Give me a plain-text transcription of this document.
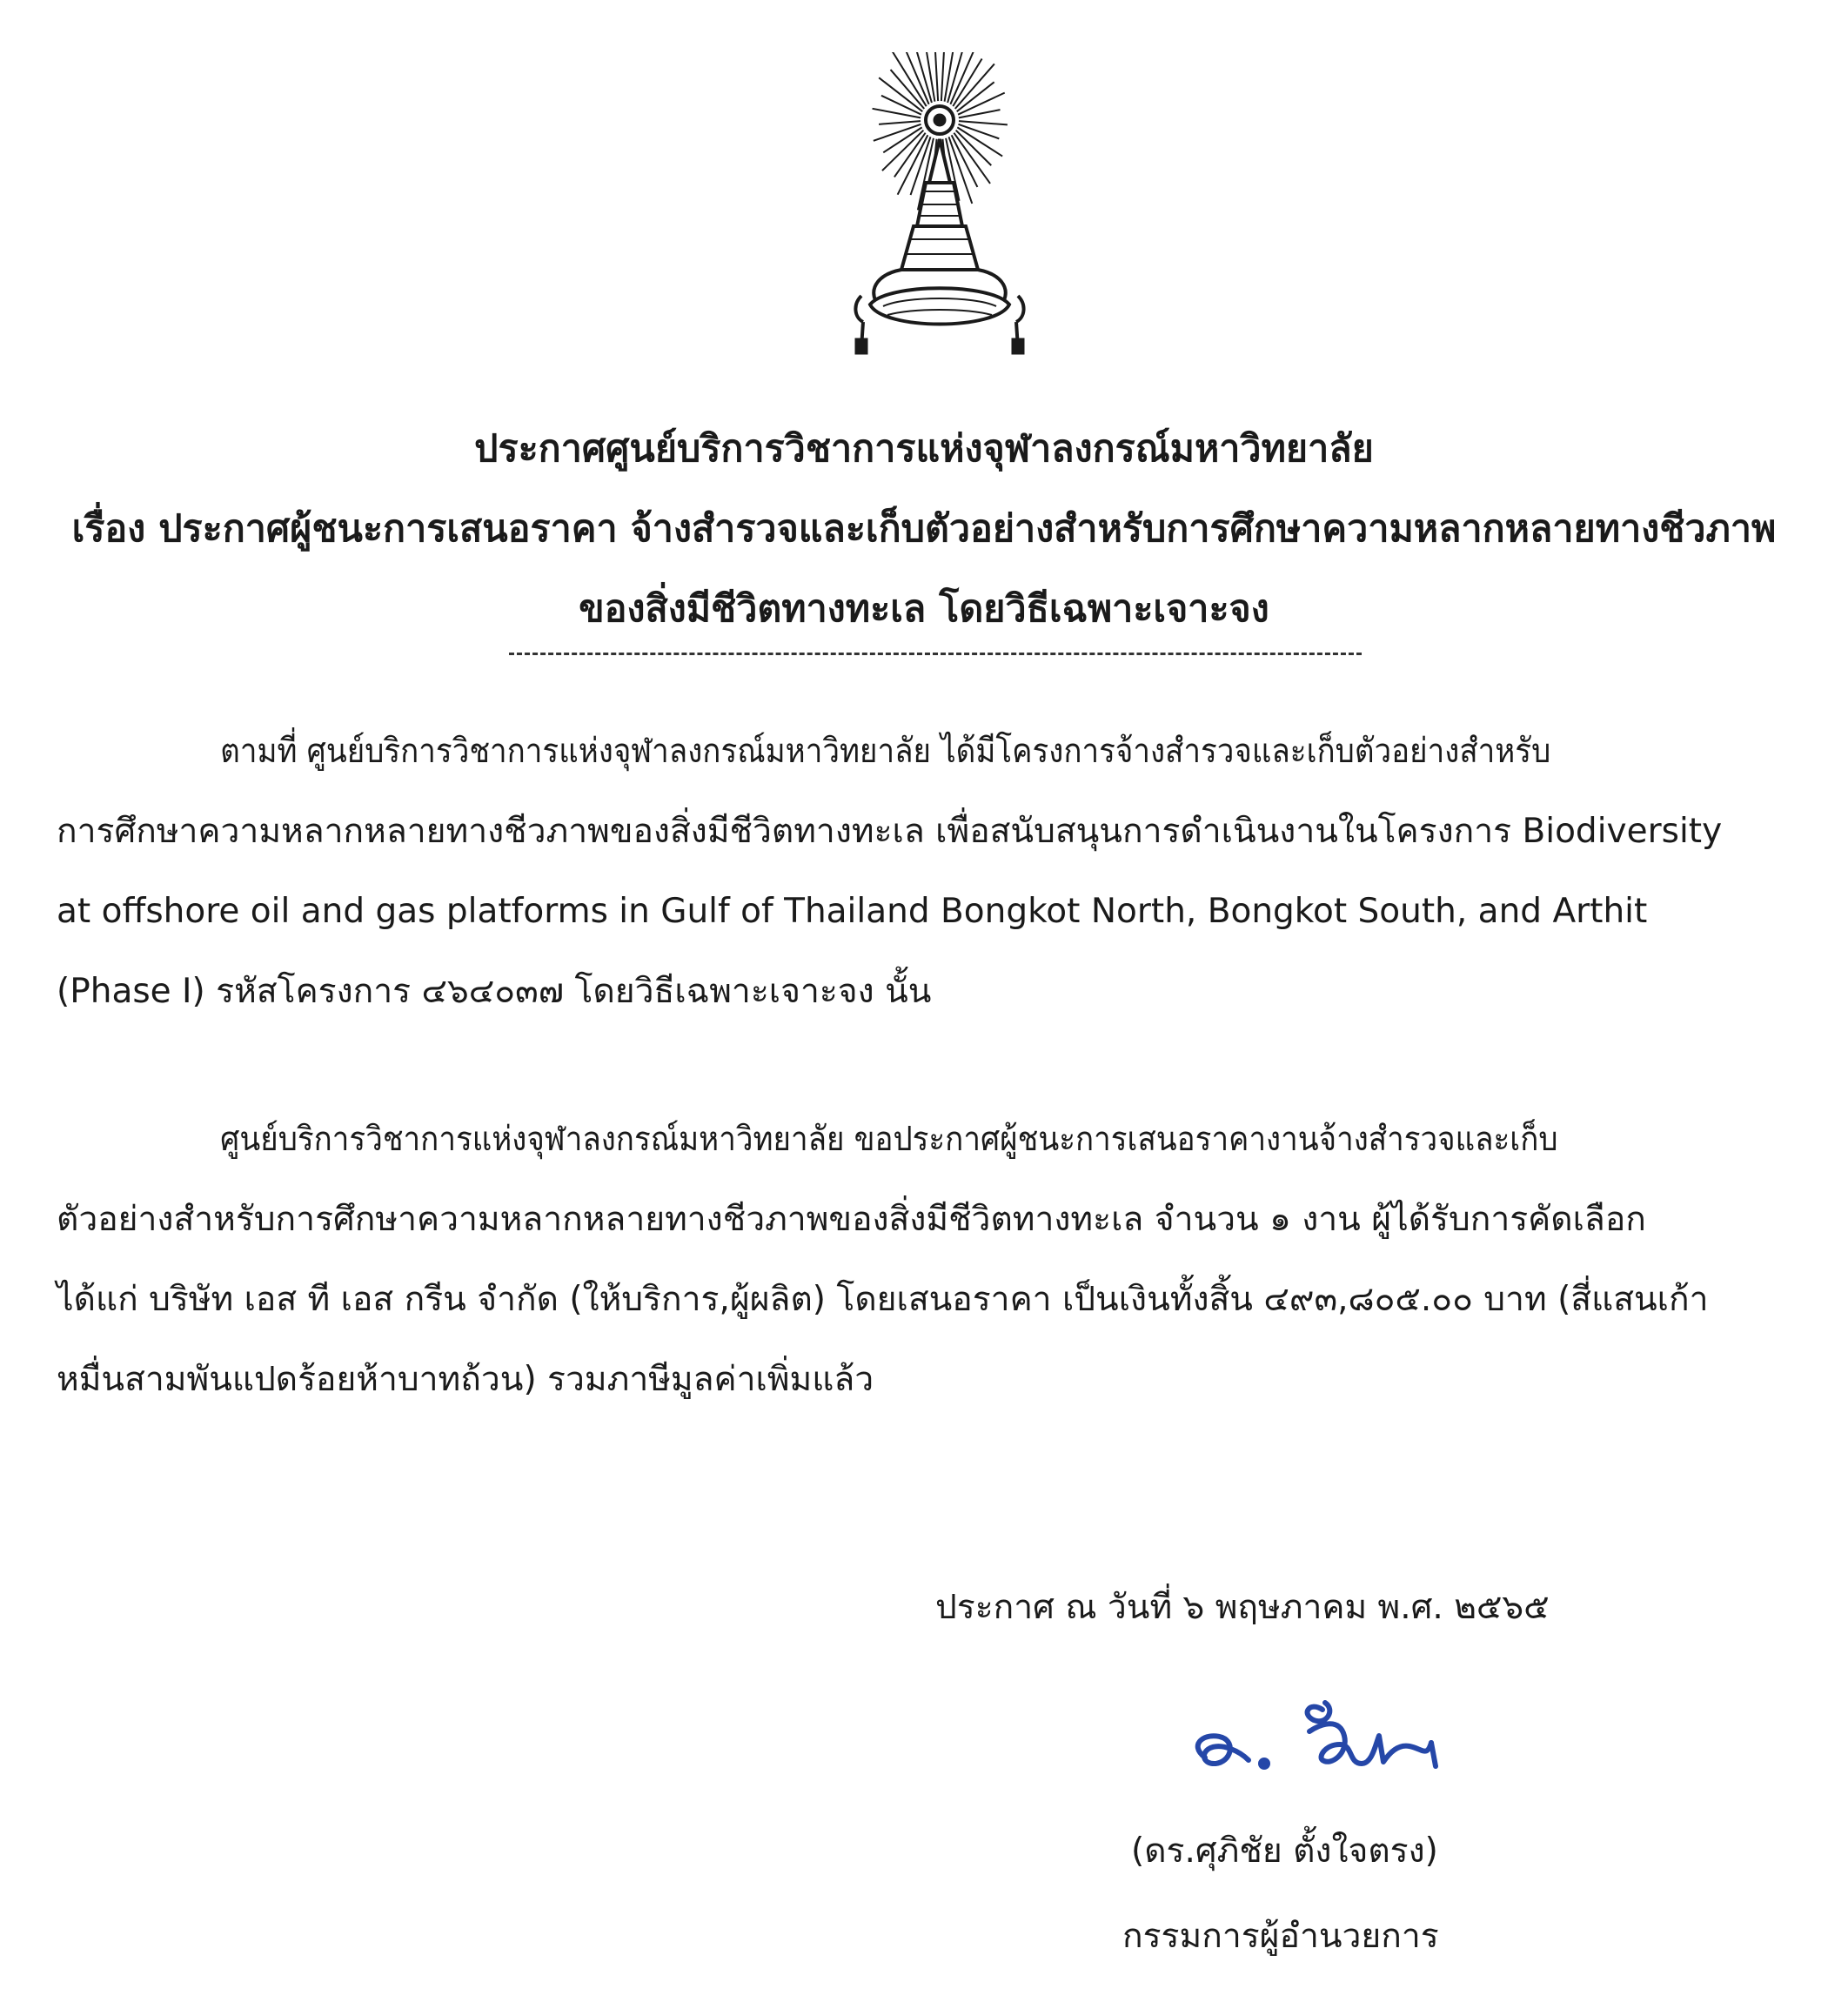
ประกาศศูนย์บริการวิชาการแห่งจุฬาลงกรณ์มหาวิทยาลัย
เรื่อง ประกาศผู้ชนะการเสนอราคา จ้างสำรวจและเก็บตัวอย่างสำหรับการศึกษาความหลากหลายทางชีวภาพ
ของสิ่งมีชีวิตทางทะเล โดยวิธีเฉพาะเจาะจง

ตามที่ ศูนย์บริการวิชาการแห่งจุฬาลงกรณ์มหาวิทยาลัย ได้มีโครงการจ้างสำรวจและเก็บตัวอย่างสำหรับ
การศึกษาความหลากหลายทางชีวภาพของสิ่งมีชีวิตทางทะเล เพื่อสนับสนุนการดำเนินงานในโครงการ Biodiversity
at offshore oil and gas platforms in Gulf of Thailand Bongkot North, Bongkot South, and Arthit
(Phase I) รหัสโครงการ ๔๖๔๐๓๗ โดยวิธีเฉพาะเจาะจง นั้น

ศูนย์บริการวิชาการแห่งจุฬาลงกรณ์มหาวิทยาลัย ขอประกาศผู้ชนะการเสนอราคางานจ้างสำรวจและเก็บ
ตัวอย่างสำหรับการศึกษาความหลากหลายทางชีวภาพของสิ่งมีชีวิตทางทะเล จำนวน ๑ งาน ผู้ได้รับการคัดเลือก
ได้แก่ บริษัท เอส ที เอส กรีน จำกัด (ให้บริการ,ผู้ผลิต) โดยเสนอราคา เป็นเงินทั้งสิ้น ๔๙๓,๘๐๕.๐๐ บาท (สี่แสนเก้า
หมื่นสามพันแปดร้อยห้าบาทถ้วน) รวมภาษีมูลค่าเพิ่มแล้ว

ประกาศ ณ วันที่ ๖ พฤษภาคม พ.ศ. ๒๕๖๕
(ดร.ศุภิชัย ตั้งใจตรง)
กรรมการผู้อำนวยการ
